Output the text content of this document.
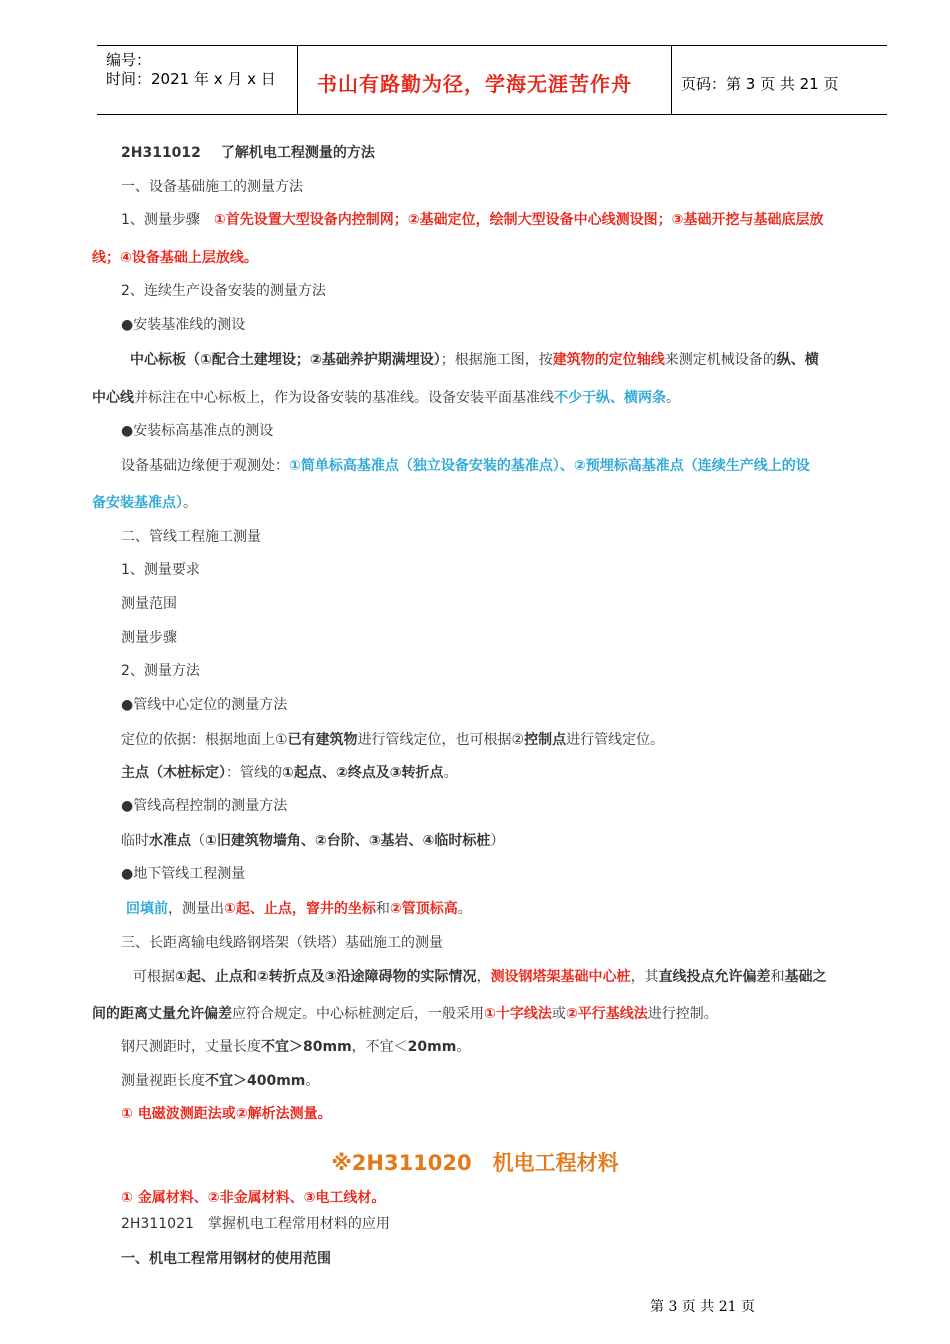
编号：
时间：2021 年 x 月 x 日 书山有路勤为径，学海无涯苦作舟	页码：第 3 页 共 21 页
2H311012 了解机电工程测量的方法
一、设备基础施工的测量方法
1、测量步骤 ①首先设置大型设备内控制网；②基础定位，绘制大型设备中心线测设图；③基础开挖与基础底层放
线；④设备基础上层放线。
2、连续生产设备安装的测量方法
●安装基准线的测设
中心标板（①配合土建埋设；②基础养护期满埋设）；根据施工图，按建筑物的定位轴线来测定机械设备的纵、横
中心线并标注在中心标板上，作为设备安装的基准线。设备安装平面基准线不少于纵、横两条。
●安装标高基准点的测设
设备基础边缘便于观测处：①简单标高基准点（独立设备安装的基准点）、②预埋标高基准点（连续生产线上的设
备安装基准点）。
二、管线工程施工测量
1、测量要求
测量范围
测量步骤
2、测量方法
●管线中心定位的测量方法
定位的依据：根据地面上①已有建筑物进行管线定位，也可根据②控制点进行管线定位。
主点（木桩标定）：管线的①起点、②终点及③转折点。
●管线高程控制的测量方法
临时水准点（①旧建筑物墙角、②台阶、③基岩、④临时标桩）
●地下管线工程测量
回填前，测量出①起、止点，窨井的坐标和②管顶标高。
三、长距离输电线路钢塔架（铁塔）基础施工的测量
可根据①起、止点和②转折点及③沿途障碍物的实际情况，测设钢塔架基础中心桩，其直线投点允许偏差和基础之
间的距离丈量允许偏差应符合规定。中心标桩测定后，一般采用①十字线法或②平行基线法进行控制。
钢尺测距时，丈量长度不宜＞80mm，不宜＜20mm。
测量视距长度不宜＞400mm。
① 电磁波测距法或②解析法测量。
※2H311020　机电工程材料
① 金属材料、②非金属材料、③电工线材。
2H311021　掌握机电工程常用材料的应用
一、机电工程常用钢材的使用范围
第 3 页 共 21 页
